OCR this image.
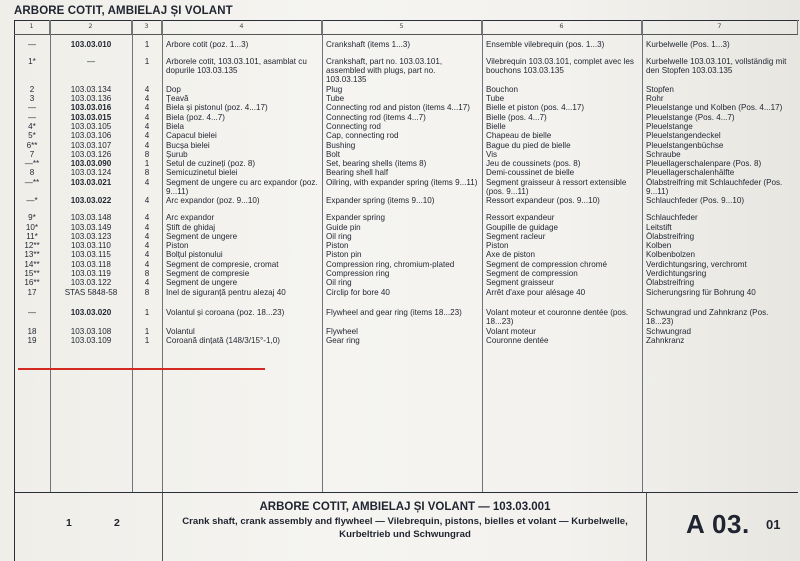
ARBORE COTIT, AMBIELAJ ȘI VOLANT
1	2	3	4	5	6	7
—	103.03.010	1	Arbore cotit (poz. 1...3)	Crankshaft (items 1...3)	Ensemble vilebrequin (pos. 1...3)	Kurbelwelle (Pos. 1...3)
1*	—	1	Arborele cotit, 103.03.101, asamblat cu dopurile 103.03.135	Crankshaft, part no. 103.03.101, assembled with plugs, part no. 103.03.135	Vilebrequin 103.03.101, complet avec les bouchons 103.03.135	Kurbelwelle 103.03.101, vollständig mit den Stopfen 103.03.135
2	103.03.134	4	Dop	Plug	Bouchon	Stopfen
3	103.03.136	4	Țeavă	Tube	Tube	Rohr
—	103.03.016	4	Biela și pistonul (poz. 4...17)	Connecting rod and piston (items 4...17)	Bielle et piston (pos. 4...17)	Pleuelstange und Kolben (Pos. 4...17)
—	103.03.015	4	Biela (poz. 4...7)	Connecting rod (items 4...7)	Bielle (pos. 4...7)	Pleuelstange (Pos. 4...7)
4*	103.03.105	4	Biela	Connecting rod	Bielle	Pleuelstange
5*	103.03.106	4	Capacul bielei	Cap, connecting rod	Chapeau de bielle	Pleuelstangendeckel
6**	103.03.107	4	Bucșa bielei	Bushing	Bague du pied de bielle	Pleuelstangenbüchse
7	103.03.126	8	Șurub	Bolt	Vis	Schraube
—**	103.03.090	1	Setul de cuzineți (poz. 8)	Set, bearing shells (items 8)	Jeu de coussinets (pos. 8)	Pleuellagerschalenpare (Pos. 8)
8	103.03.124	8	Semicuzinetul bielei	Bearing shell half	Demi-coussinet de bielle	Pleuellagerschalenhälfte
—**	103.03.021	4	Segment de ungere cu arc expandor (poz. 9...11)	Oilring, with expander spring (items 9...11)	Segment graisseur à ressort extensible (pos. 9...11)	Ölabstreifring mit Schlauchfeder (Pos. 9...11)
—*	103.03.022	4	Arc expandor (poz. 9...10)	Expander spring (items 9...10)	Ressort expandeur (pos. 9...10)	Schlauchfeder (Pos. 9...10)
9*	103.03.148	4	Arc expandor	Expander spring	Ressort expandeur	Schlauchfeder
10*	103.03.149	4	Știft de ghidaj	Guide pin	Goupille de guidage	Leitstift
11*	103.03.123	4	Segment de ungere	Oil ring	Segment racleur	Ölabstreifring
12**	103.03.110	4	Piston	Piston	Piston	Kolben
13**	103.03.115	4	Bolțul pistonului	Piston pin	Axe de piston	Kolbenbolzen
14**	103.03.118	4	Segment de compresie, cromat	Compression ring, chromium-plated	Segment de compression chromé	Verdichtungsring, verchromt
15**	103.03.119	8	Segment de compresie	Compression ring	Segment de compression	Verdichtungsring
16**	103.03.122	4	Segment de ungere	Oil ring	Segment graisseur	Ölabstreifring
17	STAS 5848-58	8	Inel de siguranță pentru alezaj 40	Circlip for bore 40	Arrêt d'axe pour alésage 40	Sicherungsring für Bohrung 40
—	103.03.020	1	Volantul și coroana (poz. 18...23)	Flywheel and gear ring (items 18...23)	Volant moteur et couronne dentée (pos. 18...23)	Schwungrad und Zahnkranz (Pos. 18...23)
18	103.03.108	1	Volantul	Flywheel	Volant moteur	Schwungrad
19	103.03.109	1	Coroană dințată (148/3/15°-1,0)	Gear ring	Couronne dentée	Zahnkranz
1	2
ARBORE COTIT, AMBIELAJ ȘI VOLANT — 103.03.001
Crank shaft, crank assembly and flywheel — Vilebrequin, pistons, bielles et volant — Kurbelwelle, Kurbeltrieb und Schwungrad	A 03. 01
